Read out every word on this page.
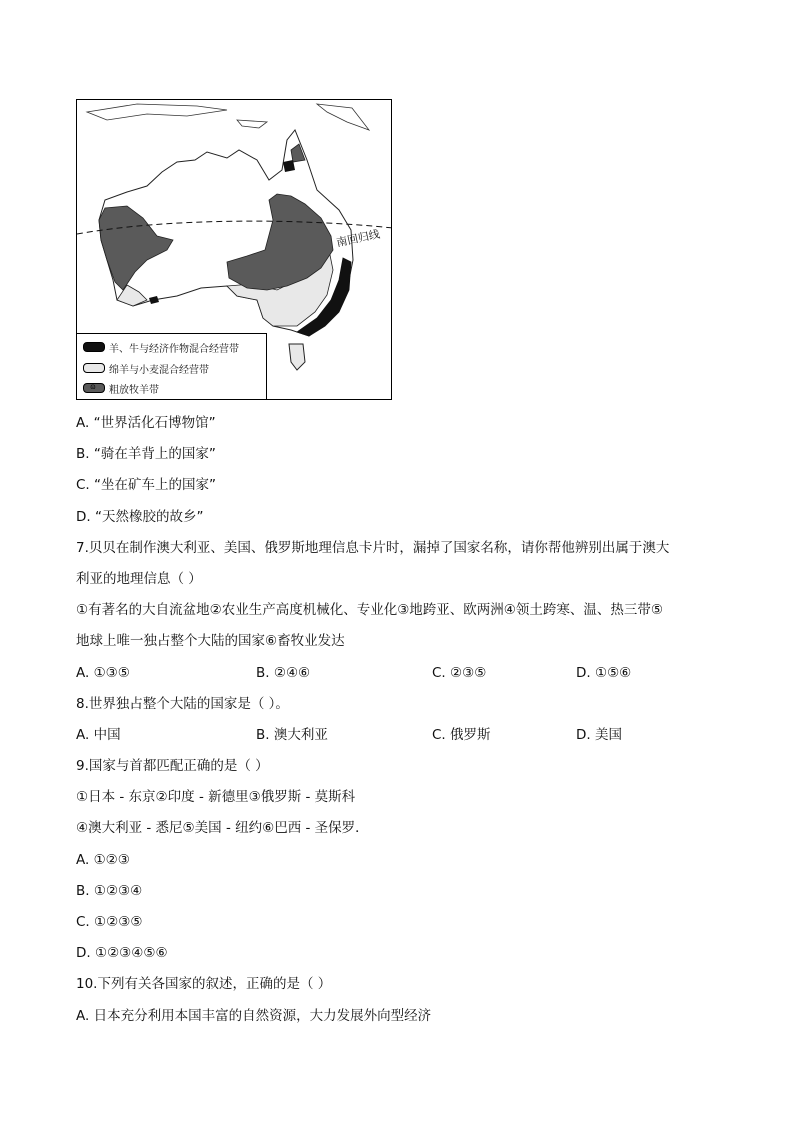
南回归线
羊、牛与经济作物混合经营带
绵羊与小麦混合经营带
ɷ
粗放牧羊带
A. “世界活化石博物馆”
B. “骑在羊背上的国家”
C. “坐在矿车上的国家”
D. “天然橡胶的故乡”
7.贝贝在制作澳大利亚、美国、俄罗斯地理信息卡片时，漏掉了国家名称，请你帮他辨别出属于澳大
利亚的地理信息（ ）
①有著名的大自流盆地②农业生产高度机械化、专业化③地跨亚、欧两洲④领土跨寒、温、热三带⑤
地球上唯一独占整个大陆的国家⑥畜牧业发达
A. ①③⑤	B. ②④⑥	C. ②③⑤	D. ①⑤⑥
8.世界独占整个大陆的国家是（ ）。
A. 中国	B. 澳大利亚	C. 俄罗斯	D. 美国
9.国家与首都匹配正确的是（ ）
①日本 - 东京②印度 - 新德里③俄罗斯 - 莫斯科
④澳大利亚 - 悉尼⑤美国 - 纽约⑥巴西 - 圣保罗．
A. ①②③
B. ①②③④
C. ①②③⑤
D. ①②③④⑤⑥
10.下列有关各国家的叙述，正确的是（ ）
A. 日本充分利用本国丰富的自然资源，大力发展外向型经济
